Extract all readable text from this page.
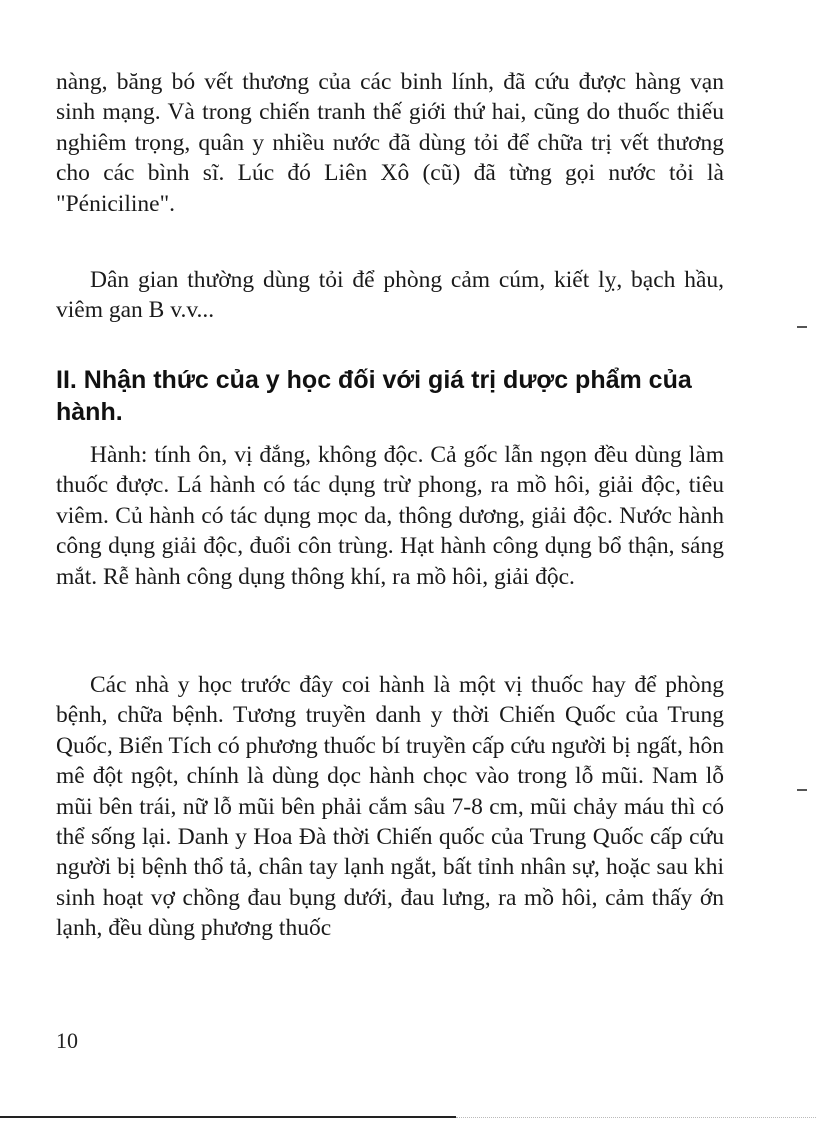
nàng, băng bó vết thương của các binh lính, đã cứu được hàng vạn sinh mạng. Và trong chiến tranh thế giới thứ hai, cũng do thuốc thiếu nghiêm trọng, quân y nhiều nước đã dùng tỏi để chữa trị vết thương cho các bình sĩ. Lúc đó Liên Xô (cũ) đã từng gọi nước tỏi là "Péniciline".

Dân gian thường dùng tỏi để phòng cảm cúm, kiết lỵ, bạch hầu, viêm gan B v.v...

II. Nhận thức của y học đối với giá trị dược phẩm của hành.

Hành: tính ôn, vị đắng, không độc. Cả gốc lẫn ngọn đều dùng làm thuốc được. Lá hành có tác dụng trừ phong, ra mồ hôi, giải độc, tiêu viêm. Củ hành có tác dụng mọc da, thông dương, giải độc. Nước hành công dụng giải độc, đuổi côn trùng. Hạt hành công dụng bổ thận, sáng mắt. Rễ hành công dụng thông khí, ra mồ hôi, giải độc.

Các nhà y học trước đây coi hành là một vị thuốc hay để phòng bệnh, chữa bệnh. Tương truyền danh y thời Chiến Quốc của Trung Quốc, Biển Tích có phương thuốc bí truyền cấp cứu người bị ngất, hôn mê đột ngột, chính là dùng dọc hành chọc vào trong lỗ mũi. Nam lỗ mũi bên trái, nữ lỗ mũi bên phải cắm sâu 7-8 cm, mũi chảy máu thì có thể sống lại. Danh y Hoa Đà thời Chiến quốc của Trung Quốc cấp cứu người bị bệnh thổ tả, chân tay lạnh ngắt, bất tỉnh nhân sự, hoặc sau khi sinh hoạt vợ chồng đau bụng dưới, đau lưng, ra mồ hôi, cảm thấy ớn lạnh, đều dùng phương thuốc

10
